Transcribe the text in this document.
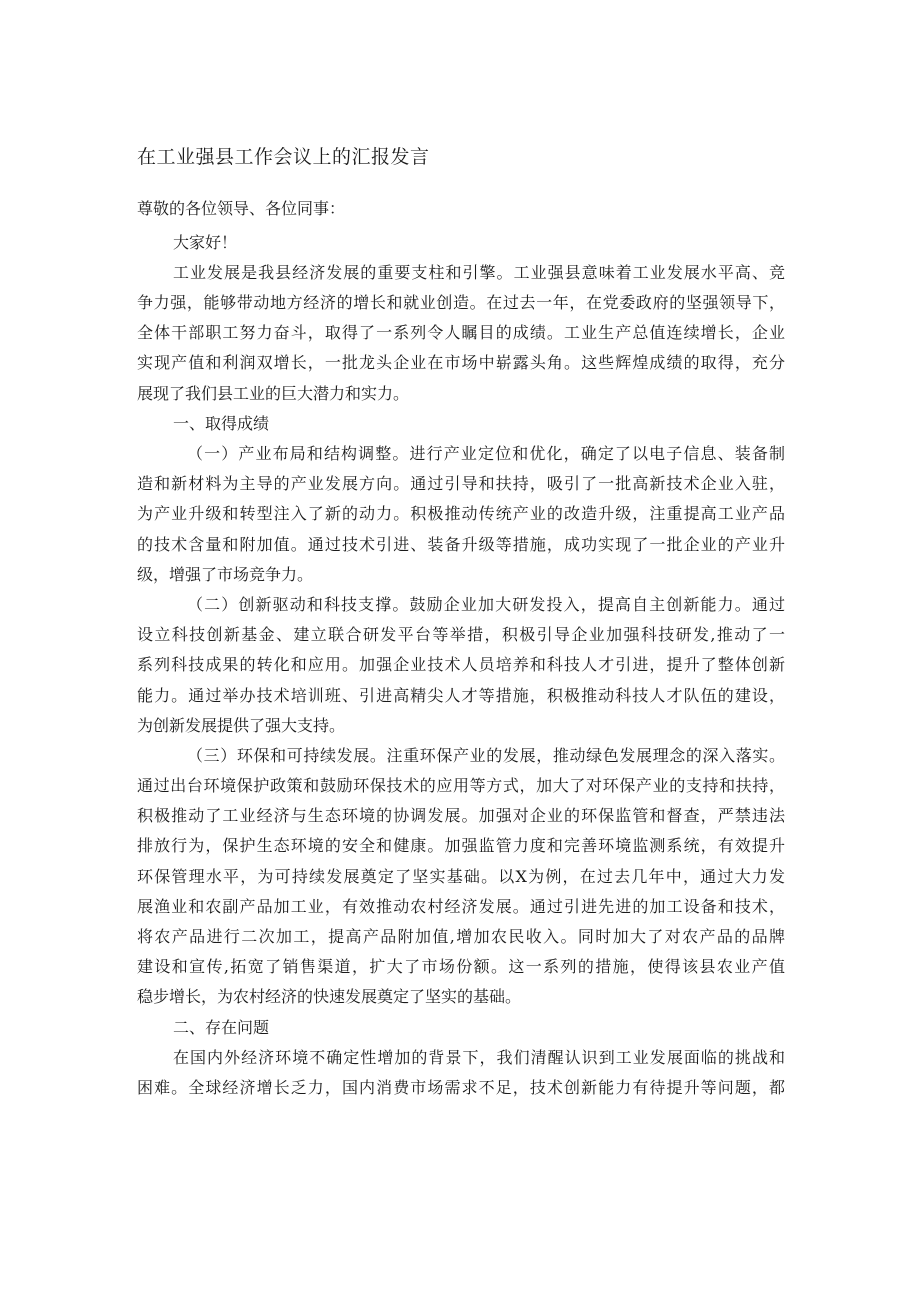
在工业强县工作会议上的汇报发言
尊敬的各位领导、各位同事：
大家好！
工业发展是我县经济发展的重要支柱和引擎。工业强县意味着工业发展水平高、竞
争力强，能够带动地方经济的增长和就业创造。在过去一年，在党委政府的坚强领导下，
全体干部职工努力奋斗，取得了一系列令人瞩目的成绩。工业生产总值连续增长，企业
实现产值和利润双增长，一批龙头企业在市场中崭露头角。这些辉煌成绩的取得，充分
展现了我们县工业的巨大潜力和实力。
一、取得成绩
（一）产业布局和结构调整。进行产业定位和优化，确定了以电子信息、装备制
造和新材料为主导的产业发展方向。通过引导和扶持，吸引了一批高新技术企业入驻，
为产业升级和转型注入了新的动力。积极推动传统产业的改造升级，注重提高工业产品
的技术含量和附加值。通过技术引进、装备升级等措施，成功实现了一批企业的产业升
级，增强了市场竞争力。
（二）创新驱动和科技支撑。鼓励企业加大研发投入，提高自主创新能力。通过
设立科技创新基金、建立联合研发平台等举措，积极引导企业加强科技研发,推动了一
系列科技成果的转化和应用。加强企业技术人员培养和科技人才引进，提升了整体创新
能力。通过举办技术培训班、引进高精尖人才等措施，积极推动科技人才队伍的建设，
为创新发展提供了强大支持。
（三）环保和可持续发展。注重环保产业的发展，推动绿色发展理念的深入落实。
通过出台环境保护政策和鼓励环保技术的应用等方式，加大了对环保产业的支持和扶持，
积极推动了工业经济与生态环境的协调发展。加强对企业的环保监管和督查，严禁违法
排放行为，保护生态环境的安全和健康。加强监管力度和完善环境监测系统，有效提升
环保管理水平，为可持续发展奠定了坚实基础。以X为例，在过去几年中，通过大力发
展渔业和农副产品加工业，有效推动农村经济发展。通过引进先进的加工设备和技术，
将农产品进行二次加工，提高产品附加值,增加农民收入。同时加大了对农产品的品牌
建设和宣传,拓宽了销售渠道，扩大了市场份额。这一系列的措施，使得该县农业产值
稳步增长，为农村经济的快速发展奠定了坚实的基础。
二、存在问题
在国内外经济环境不确定性增加的背景下，我们清醒认识到工业发展面临的挑战和
困难。全球经济增长乏力，国内消费市场需求不足，技术创新能力有待提升等问题，都
